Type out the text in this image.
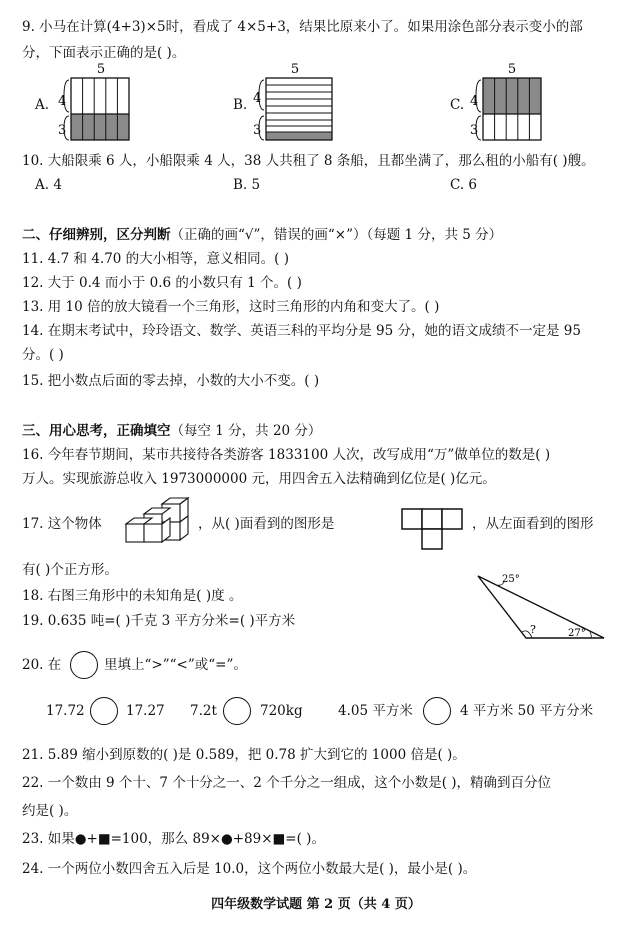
9. 小马在计算(4+3)×5时，看成了 4×5+3，结果比原来小了。如果用涂色部分表示变小的部
分，下面表示正确的是( )。
A.
5
4
3
B.
5
4
3
C.
5
4
3
10. 大船限乘 6 人，小船限乘 4 人，38 人共租了 8 条船，且都坐满了，那么租的小船有( )艘。
A. 4	B. 5	C. 6
二、仔细辨别，区分判断（正确的画“√”，错误的画“×”）（每题 1 分，共 5 分）
11. 4.7 和 4.70 的大小相等，意义相同。( )
12. 大于 0.4 而小于 0.6 的小数只有 1 个。( )
13. 用 10 倍的放大镜看一个三角形，这时三角形的内角和变大了。( )
14. 在期末考试中，玲玲语文、数学、英语三科的平均分是 95 分，她的语文成绩不一定是 95
分。( )
15. 把小数点后面的零去掉，小数的大小不变。( )
三、用心思考，正确填空（每空 1 分，共 20 分）
16. 今年春节期间，某市共接待各类游客 1833100 人次，改写成用“万”做单位的数是( )
万人。实现旅游总收入 1973000000 元，用四舍五入法精确到亿位是( )亿元。
17. 这个物体	，从( )面看到的图形是	，从左面看到的图形
有( )个正方形。
18. 右图三角形中的未知角是( )度 。
25°
?	27°
19. 0.635 吨=( )千克 3 平方分米=( )平方米
20. 在	里填上“>”“<”或“=”。
17.72	17.27 7.2t	720kg	4.05 平方米	4 平方米 50 平方分米
21. 5.89 缩小到原数的( )是 0.589，把 0.78 扩大到它的 1000 倍是( )。
22. 一个数由 9 个十、7 个十分之一、2 个千分之一组成，这个小数是( )，精确到百分位
约是( )。
23. 如果●+■=100，那么 89×●+89×■=( )。
24. 一个两位小数四舍五入后是 10.0，这个两位小数最大是( )，最小是( )。
四年级数学试题 第 2 页（共 4 页）
